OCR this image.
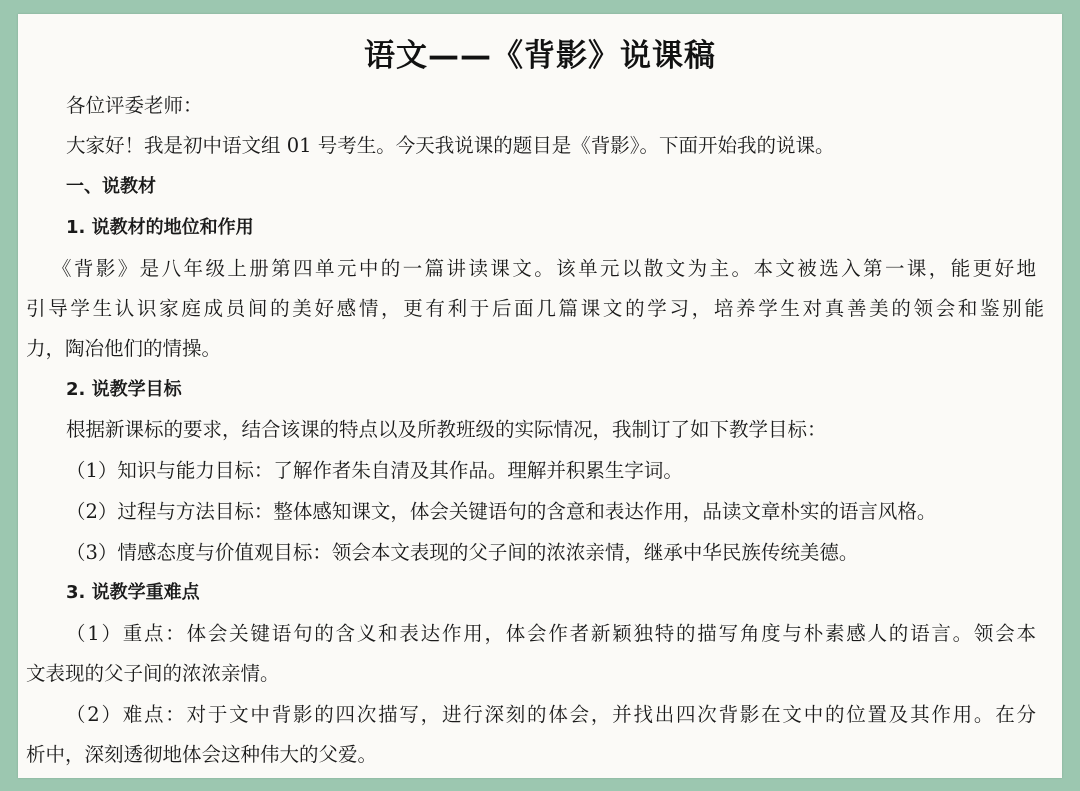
语文——《背影》说课稿
各位评委老师：
大家好！我是初中语文组 01 号考生。今天我说课的题目是《背影》。下面开始我的说课。
一、说教材
1. 说教材的地位和作用
《背影》是八年级上册第四单元中的一篇讲读课文。该单元以散文为主。本文被选入第一课，能更好地
引导学生认识家庭成员间的美好感情，更有利于后面几篇课文的学习，培养学生对真善美的领会和鉴别能
力，陶冶他们的情操。
2. 说教学目标
根据新课标的要求，结合该课的特点以及所教班级的实际情况，我制订了如下教学目标：
（1）知识与能力目标：了解作者朱自清及其作品。理解并积累生字词。
（2）过程与方法目标：整体感知课文，体会关键语句的含意和表达作用，品读文章朴实的语言风格。
（3）情感态度与价值观目标：领会本文表现的父子间的浓浓亲情，继承中华民族传统美德。
3. 说教学重难点
（1）重点：体会关键语句的含义和表达作用，体会作者新颖独特的描写角度与朴素感人的语言。领会本
文表现的父子间的浓浓亲情。
（2）难点：对于文中背影的四次描写，进行深刻的体会，并找出四次背影在文中的位置及其作用。在分
析中，深刻透彻地体会这种伟大的父爱。
